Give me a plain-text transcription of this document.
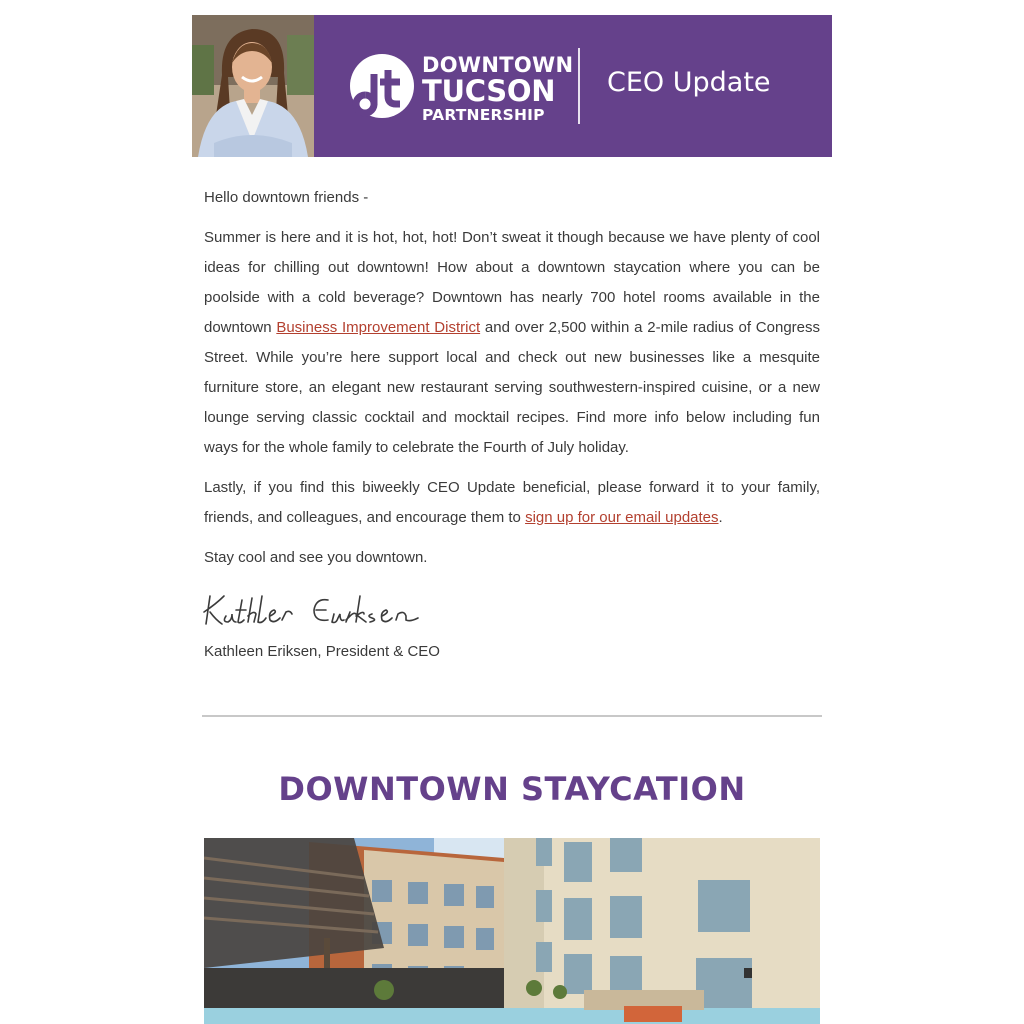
DOWNTOWN
TUCSON
PARTNERSHIP
CEO Update

Hello downtown friends -

Summer is here and it is hot, hot, hot! Don’t sweat it though because we have plenty of cool ideas for chilling out downtown! How about a downtown staycation where you can be poolside with a cold beverage? Downtown has nearly 700 hotel rooms available in the downtown Business Improvement District and over 2,500 within a 2-mile radius of Congress Street. While you’re here support local and check out new businesses like a mesquite furniture store, an elegant new restaurant serving southwestern-inspired cuisine, or a new lounge serving classic cocktail and mocktail recipes. Find more info below including fun ways for the whole family to celebrate the Fourth of July holiday.

Lastly, if you find this biweekly CEO Update beneficial, please forward it to your family, friends, and colleagues, and encourage them to sign up for our email updates.

Stay cool and see you downtown.

Kathleen Eriksen, President & CEO
DOWNTOWN STAYCATION
